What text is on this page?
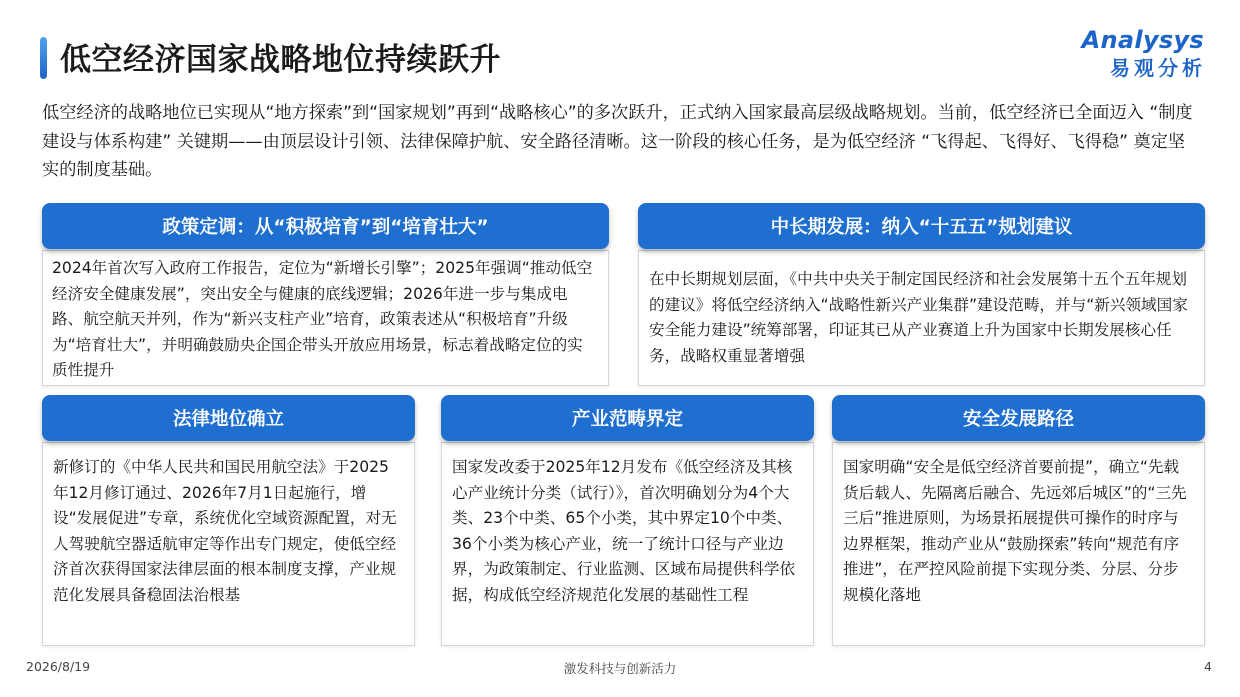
低空经济国家战略地位持续跃升
Analysys
易观分析
低空经济的战略地位已实现从“地方探索”到“国家规划”再到“战略核心”的多次跃升，正式纳入国家最高层级战略规划。当前，低空经济已全面迈入 “制度建设与体系构建” 关键期——由顶层设计引领、法律保障护航、安全路径清晰。这一阶段的核心任务，是为低空经济 “飞得起、飞得好、飞得稳” 奠定坚实的制度基础。
政策定调：从“积极培育”到“培育壮大”
2024年首次写入政府工作报告，定位为“新增长引擎”；2025年强调“推动低空经济安全健康发展”，突出安全与健康的底线逻辑；2026年进一步与集成电路、航空航天并列，作为“新兴支柱产业”培育，政策表述从“积极培育”升级为“培育壮大”，并明确鼓励央企国企带头开放应用场景，标志着战略定位的实质性提升
中长期发展：纳入“十五五”规划建议
在中长期规划层面，《中共中央关于制定国民经济和社会发展第十五个五年规划的建议》将低空经济纳入“战略性新兴产业集群”建设范畴，并与“新兴领域国家安全能力建设”统筹部署，印证其已从产业赛道上升为国家中长期发展核心任务，战略权重显著增强
法律地位确立
新修订的《中华人民共和国民用航空法》于2025年12月修订通过、2026年7月1日起施行，增设“发展促进”专章，系统优化空域资源配置，对无人驾驶航空器适航审定等作出专门规定，使低空经济首次获得国家法律层面的根本制度支撑，产业规范化发展具备稳固法治根基
产业范畴界定
国家发改委于2025年12月发布《低空经济及其核心产业统计分类（试行）》，首次明确划分为4个大类、23个中类、65个小类，其中界定10个中类、36个小类为核心产业，统一了统计口径与产业边界，为政策制定、行业监测、区域布局提供科学依据，构成低空经济规范化发展的基础性工程
安全发展路径
国家明确“安全是低空经济首要前提”，确立“先载货后载人、先隔离后融合、先远郊后城区”的“三先三后”推进原则，为场景拓展提供可操作的时序与边界框架，推动产业从“鼓励探索”转向“规范有序推进”，在严控风险前提下实现分类、分层、分步规模化落地
2026/8/19	激发科技与创新活力	4
